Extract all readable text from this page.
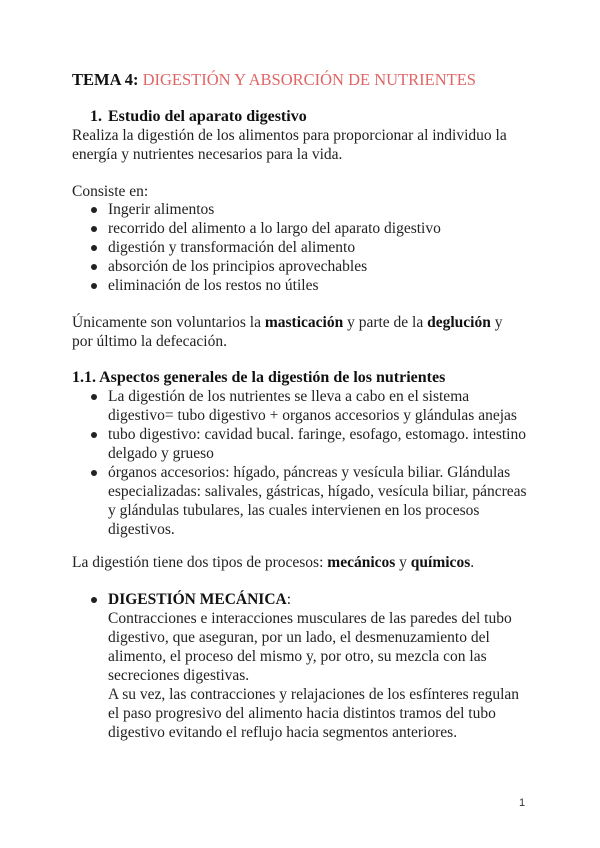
TEMA 4: DIGESTIÓN Y ABSORCIÓN DE NUTRIENTES
1. Estudio del aparato digestivo
Realiza la digestión de los alimentos para proporcionar al individuo la
energía y nutrientes necesarios para la vida.
Consiste en:
Ingerir alimentos
recorrido del alimento a lo largo del aparato digestivo
digestión y transformación del alimento
absorción de los principios aprovechables
eliminación de los restos no útiles
Únicamente son voluntarios la masticación y parte de la deglución y
por último la defecación.
1.1. Aspectos generales de la digestión de los nutrientes
La digestión de los nutrientes se lleva a cabo en el sistema
digestivo= tubo digestivo + organos accesorios y glándulas anejas
tubo digestivo: cavidad bucal. faringe, esofago, estomago. intestino
delgado y grueso
órganos accesorios: hígado, páncreas y vesícula biliar. Glándulas
especializadas: salivales, gástricas, hígado, vesícula biliar, páncreas
y glándulas tubulares, las cuales intervienen en los procesos
digestivos.
La digestión tiene dos tipos de procesos: mecánicos y químicos.
DIGESTIÓN MECÁNICA:
Contracciones e interacciones musculares de las paredes del tubo
digestivo, que aseguran, por un lado, el desmenuzamiento del
alimento, el proceso del mismo y, por otro, su mezcla con las
secreciones digestivas.
A su vez, las contracciones y relajaciones de los esfínteres regulan
el paso progresivo del alimento hacia distintos tramos del tubo
digestivo evitando el reflujo hacia segmentos anteriores.
1
